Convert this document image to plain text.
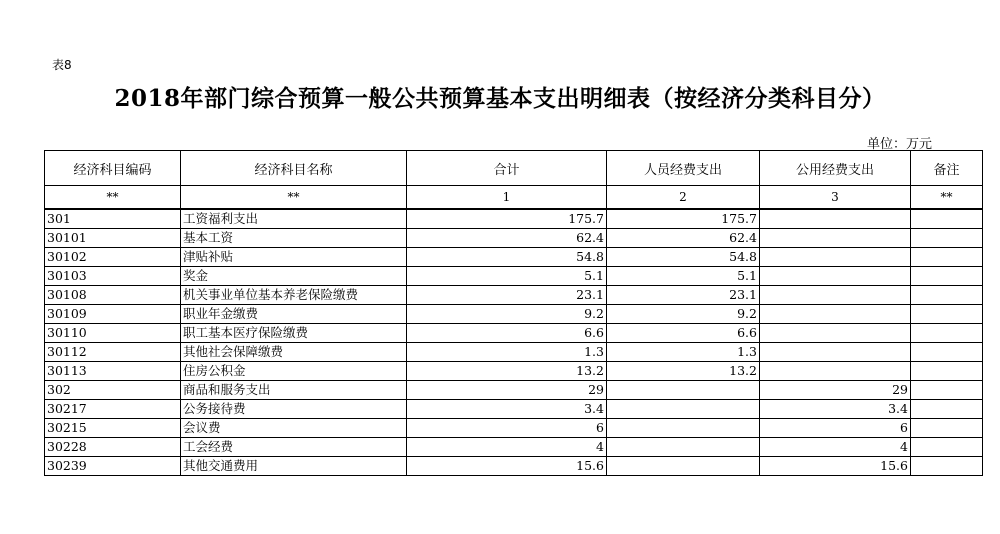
表8
2018年部门综合预算一般公共预算基本支出明细表（按经济分类科目分）
单位：万元
经济科目编码	经济科目名称	合计	人员经费支出	公用经费支出	备注
**	**	1	2	3	**
301	工资福利支出	175.7	175.7		
30101	基本工资	62.4	62.4		
30102	津贴补贴	54.8	54.8		
30103	奖金	5.1	5.1		
30108	机关事业单位基本养老保险缴费	23.1	23.1		
30109	职业年金缴费	9.2	9.2		
30110	职工基本医疗保险缴费	6.6	6.6		
30112	其他社会保障缴费	1.3	1.3		
30113	住房公积金	13.2	13.2		
302	商品和服务支出	29		29	
30217	公务接待费	3.4		3.4	
30215	会议费	6		6	
30228	工会经费	4		4	
30239	其他交通费用	15.6		15.6	
